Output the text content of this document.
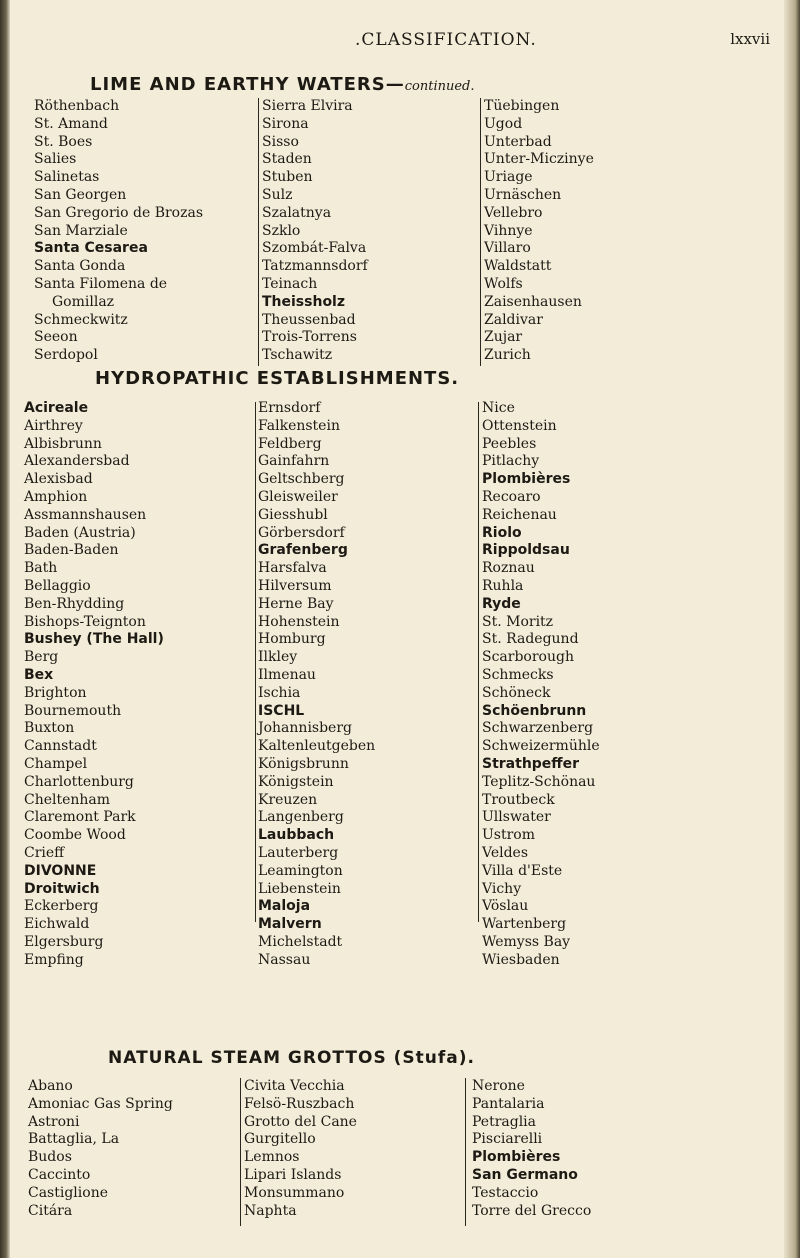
.CLASSIFICATION.	lxxvii
LIME AND EARTHY WATERS—continued.
Röthenbach
St. Amand
St. Boes
Salies
Salinetas
San Georgen
San Gregorio de Brozas
San Marziale
Santa Cesarea
Santa Gonda
Santa Filomena de
Gomillaz
Schmeckwitz
Seeon
Serdopol
Sierra Elvira
Sirona
Sisso
Staden
Stuben
Sulz
Szalatnya
Szklo
Szombát-Falva
Tatzmannsdorf
Teinach
Theissholz
Theussenbad
Trois-Torrens
Tschawitz
Tüebingen
Ugod
Unterbad
Unter-Miczinye
Uriage
Urnäschen
Vellebro
Vihnye
Villaro
Waldstatt
Wolfs
Zaisenhausen
Zaldivar
Zujar
Zurich
HYDROPATHIC ESTABLISHMENTS.
Acireale
Airthrey
Albisbrunn
Alexandersbad
Alexisbad
Amphion
Assmannshausen
Baden (Austria)
Baden-Baden
Bath
Bellaggio
Ben-Rhydding
Bishops-Teignton
Bushey (The Hall)
Berg
Bex
Brighton
Bournemouth
Buxton
Cannstadt
Champel
Charlottenburg
Cheltenham
Claremont Park
Coombe Wood
Crieff
DIVONNE
Droitwich
Eckerberg
Eichwald
Elgersburg
Empfing
Ernsdorf
Falkenstein
Feldberg
Gainfahrn
Geltschberg
Gleisweiler
Giesshubl
Görbersdorf
Grafenberg
Harsfalva
Hilversum
Herne Bay
Hohenstein
Homburg
Ilkley
Ilmenau
Ischia
ISCHL
Johannisberg
Kaltenleutgeben
Königsbrunn
Königstein
Kreuzen
Langenberg
Laubbach
Lauterberg
Leamington
Liebenstein
Maloja
Malvern
Michelstadt
Nassau
Nice
Ottenstein
Peebles
Pitlachy
Plombières
Recoaro
Reichenau
Riolo
Rippoldsau
Roznau
Ruhla
Ryde
St. Moritz
St. Radegund
Scarborough
Schmecks
Schöneck
Schöenbrunn
Schwarzenberg
Schweizermühle
Strathpeffer
Teplitz-Schönau
Troutbeck
Ullswater
Ustrom
Veldes
Villa d'Este
Vichy
Vöslau
Wartenberg
Wemyss Bay
Wiesbaden
NATURAL STEAM GROTTOS (Stufa).
Abano
Amoniac Gas Spring
Astroni
Battaglia, La
Budos
Caccinto
Castiglione
Citára
Civita Vecchia
Felsö-Ruszbach
Grotto del Cane
Gurgitello
Lemnos
Lipari Islands
Monsummano
Naphta
Nerone
Pantalaria
Petraglia
Pisciarelli
Plombières
San Germano
Testaccio
Torre del Grecco
